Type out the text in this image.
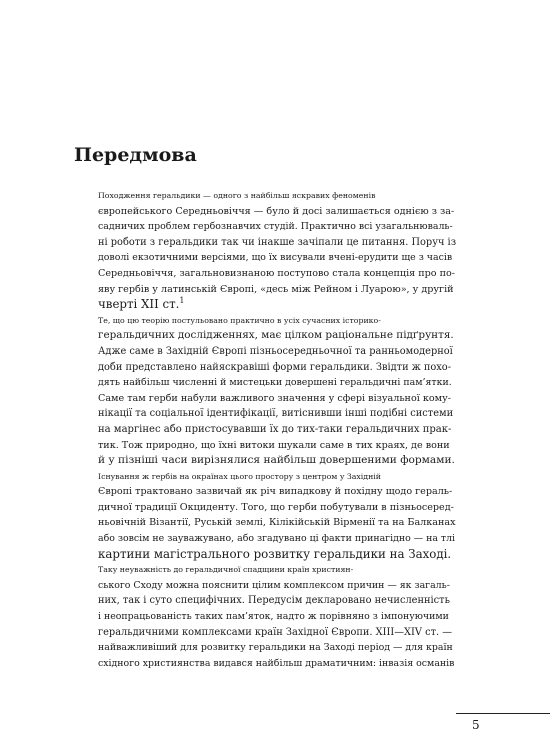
Передмова

Походження геральдики — одного з найбільш яскравих феноменів
європейського Середньовіччя — було й досі залишається однією з за-
садничих проблем гербознавчих студій. Практично всі узагальнюваль-
ні роботи з геральдики так чи інакше зачіпали це питання. Поруч із
доволі екзотичними версіями, що їх висували вчені-ерудити ще з часів
Середньовіччя, загальновизнаною поступово стала концепція про по-
яву гербів у латинській Європі, «десь між Рейном і Луарою», у другій
чверті XII ст.$^1$

Те, що цю теорію постульовано практично в усіх сучасних історико-
геральдичних дослідженнях, має цілком раціональне підґрунтя.
Адже саме в Західній Європі пізньосередньочної та ранньомодерної
доби представлено найяскравіші форми геральдики. Звідти ж похо-
дять найбільш численні й мистецьки довершені геральдичні пам’ятки.
Саме там герби набули важливого значення у сфері візуальної кому-
нікації та соціальної ідентифікації, витіснивши інші подібні системи
на маргінес або пристосувавши їх до тих-таки геральдичних прак-
тик. Тож природно, що їхні витоки шукали саме в тих краях, де вони
й у пізніші часи вирізнялися найбільш довершеними формами.

Існування ж гербів на окраїнах цього простору з центром у Західній
Європі трактовано зазвичай як річ випадкову й похідну щодо гераль-
дичної традиції Окциденту. Того, що герби побутували в пізньосеред-
ньовічній Візантії, Руській землі, Кілікійській Вірменії та на Балканах
або зовсім не зауважувано, або згадувано ці факти принагідно — на тлі
картини магістрального розвитку геральдики на Заході.

Таку неуважність до геральдичної спадщини країн християн-
ського Сходу можна пояснити цілим комплексом причин — як загаль-
них, так і суто специфічних. Передусім декларовано нечисленність
і неопрацьованість таких пам’яток, надто ж порівняно з імпонуючими
геральдичними комплексами країн Західної Європи. XIII—XIV ст. —
найважливіший для розвитку геральдики на Заході період — для країн
східного християнства видався найбільш драматичним: інвазія османів

5
